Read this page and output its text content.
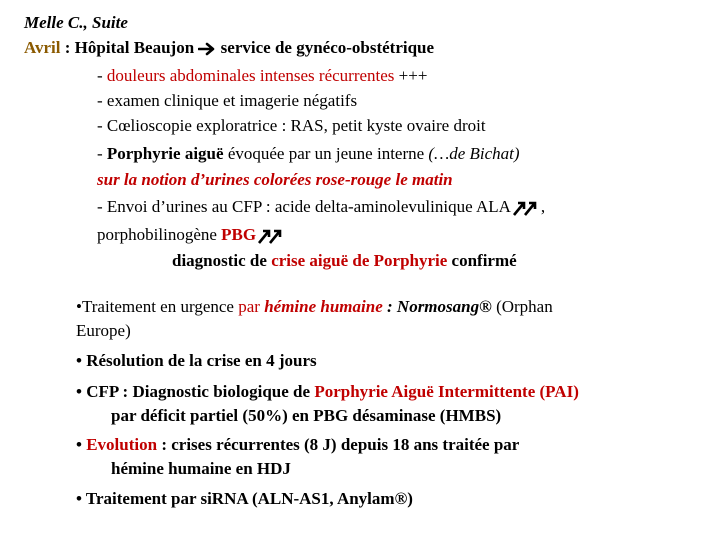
Melle C., Suite
Avril : Hôpital Beaujon
service de gynéco-obstétrique
- douleurs abdominales intenses récurrentes +++
- examen clinique et imagerie négatifs
- Cœlioscopie exploratrice : RAS, petit kyste ovaire droit
- Porphyrie aiguë évoquée par un jeune interne (…de Bichat)
sur la notion d’urines colorées rose-rouge le matin
- Envoi d’urines au CFP : acide delta-aminolevulinique ALA ,
porphobilinogène PBG
diagnostic de crise aiguë de Porphyrie confirmé
•Traitement en urgence par hémine humaine : Normosang® (Orphan
Europe)
• Résolution de la crise en 4 jours
• CFP : Diagnostic biologique de Porphyrie Aiguë Intermittente (PAI)
par déficit partiel (50%) en PBG désaminase (HMBS)
• Evolution : crises récurrentes (8 J) depuis 18 ans traitée par
hémine humaine en HDJ
• Traitement par siRNA (ALN-AS1, Anylam®)
